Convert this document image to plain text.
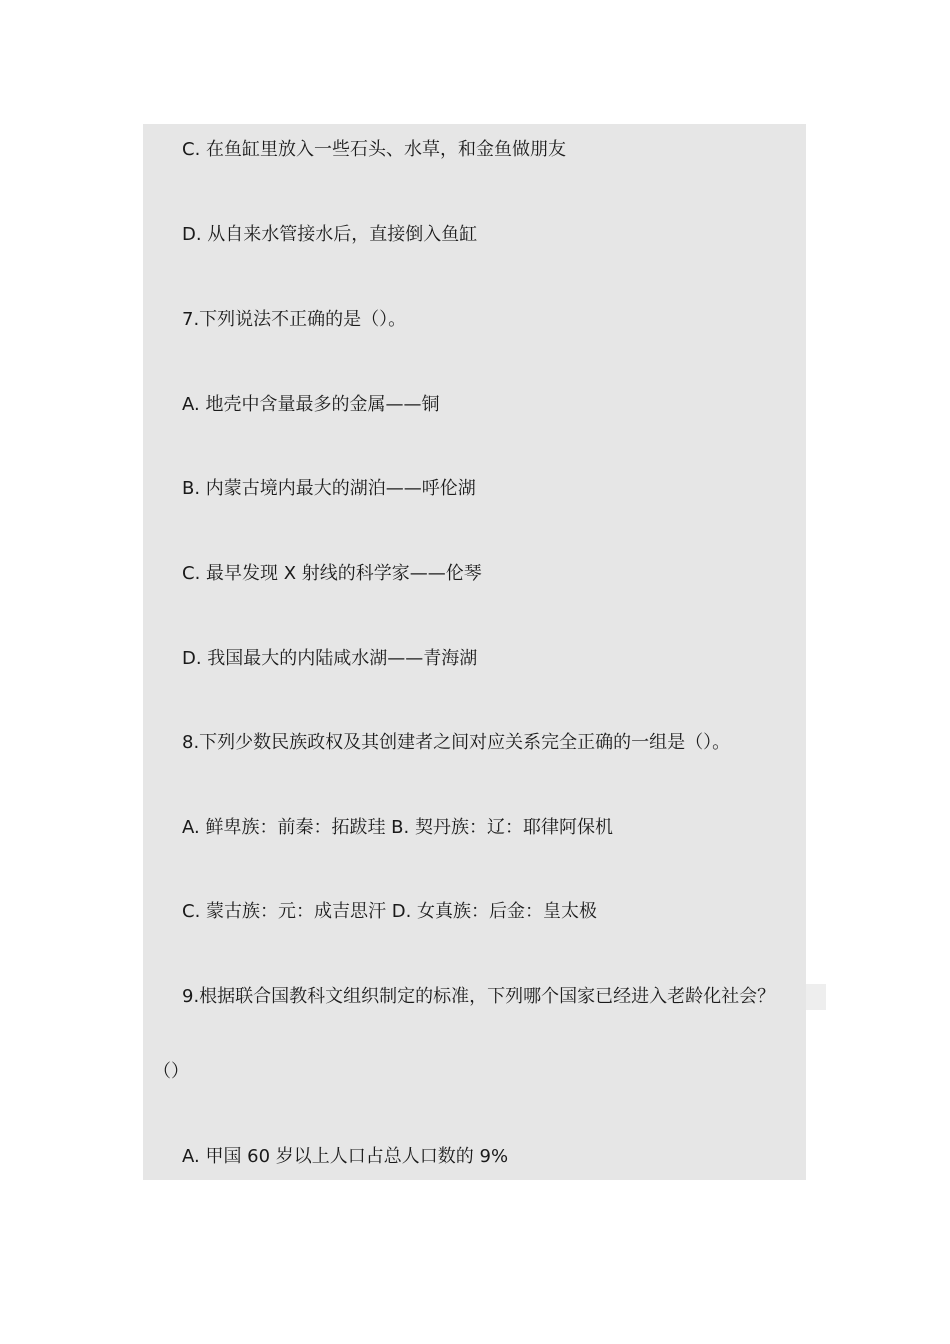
C. 在鱼缸里放入一些石头、水草，和金鱼做朋友
D. 从自来水管接水后，直接倒入鱼缸
7.下列说法不正确的是（）。
A. 地壳中含量最多的金属——铜
B. 内蒙古境内最大的湖泊——呼伦湖
C. 最早发现 X 射线的科学家——伦琴
D. 我国最大的内陆咸水湖——青海湖
8.下列少数民族政权及其创建者之间对应关系完全正确的一组是（）。
A. 鲜卑族：前秦：拓跋珪 B. 契丹族：辽：耶律阿保机
C. 蒙古族：元：成吉思汗 D. 女真族：后金：皇太极
9.根据联合国教科文组织制定的标准，下列哪个国家已经进入老龄化社会？
（）
A. 甲国 60 岁以上人口占总人口数的 9%
